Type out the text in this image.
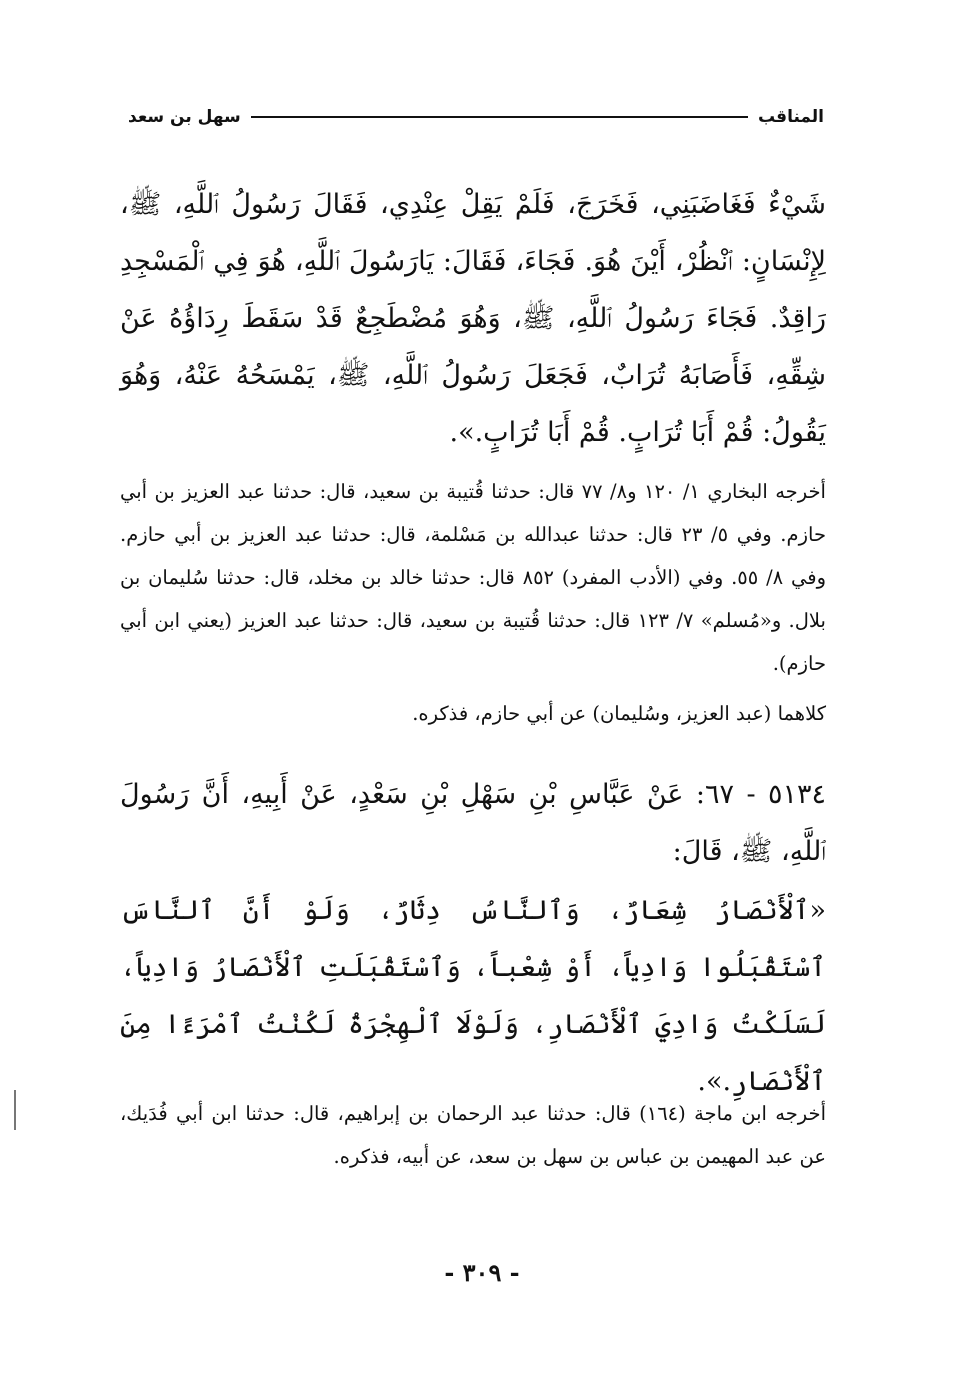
المناقب
سهل بن سعد

شَيْءٌ فَغَاضَبَنِي، فَخَرَجَ، فَلَمْ يَقِلْ عِنْدِي، فَقَالَ رَسُولُ ٱللَّهِ، ﷺ، لِإِنْسَانٍ: ٱنْظُرْ، أَيْنَ هُوَ. فَجَاءَ، فَقَالَ: يَارَسُولَ ٱللَّهِ، هُوَ فِي ٱلْمَسْجِدِ رَاقِدٌ. فَجَاءَ رَسُولُ ٱللَّهِ، ﷺ، وَهُوَ مُضْطَجِعٌ قَدْ سَقَطَ رِدَاؤُهُ عَنْ شِقِّهِ، فَأَصَابَهُ تُرَابٌ، فَجَعَلَ رَسُولُ ٱللَّهِ، ﷺ، يَمْسَحُهُ عَنْهُ، وَهُوَ يَقُولُ: قُمْ أَبَا تُرَابٍ. قُمْ أَبَا تُرَابٍ.».

أخرجه البخاري ١/ ١٢٠ و٨/ ٧٧ قال: حدثنا قُتيبة بن سعيد، قال: حدثنا عبد العزيز بن أبي حازم. وفي ٥/ ٢٣ قال: حدثنا عبدالله بن مَسْلمة، قال: حدثنا عبد العزيز بن أبي حازم. وفي ٨/ ٥٥. وفي (الأدب المفرد) ٨٥٢ قال: حدثنا خالد بن مخلد، قال: حدثنا سُليمان بن بلال. و«مُسلم» ٧/ ١٢٣ قال: حدثنا قُتيبة بن سعيد، قال: حدثنا عبد العزيز (يعني ابن أبي حازم).

كلاهما (عبد العزيز، وسُليمان) عن أبي حازم، فذكره.

٥١٣٤ - ٦٧: عَنْ عَبَّاسِ بْنِ سَهْلِ بْنِ سَعْدٍ، عَنْ أَبِيهِ، أَنَّ رَسُولَ ٱللَّهِ، ﷺ، قَالَ:

«ٱلْأَنْصَارُ شِعَارٌ، وَٱلنَّاسُ دِثَارٌ، وَلَوْ أَنَّ ٱلنَّاسَ ٱسْتَقْبَلُوا وَادِياً، أَوْ شِعْباً، وَٱسْتَقْبَلَتِ ٱلْأَنْصَارُ وَادِياً، لَسَلَكْتُ وَادِيَ ٱلْأَنْصَارِ، وَلَوْلَا ٱلْهِجْرَةُ لَكُنْتُ ٱمْرَءًا مِنَ ٱلْأَنْصَارِ.».

أخرجه ابن ماجة (١٦٤) قال: حدثنا عبد الرحمان بن إبراهيم، قال: حدثنا ابن أبي فُدَيك، عن عبد المهيمن بن عباس بن سهل بن سعد، عن أبيه، فذكره.

- ٣٠٩ -
